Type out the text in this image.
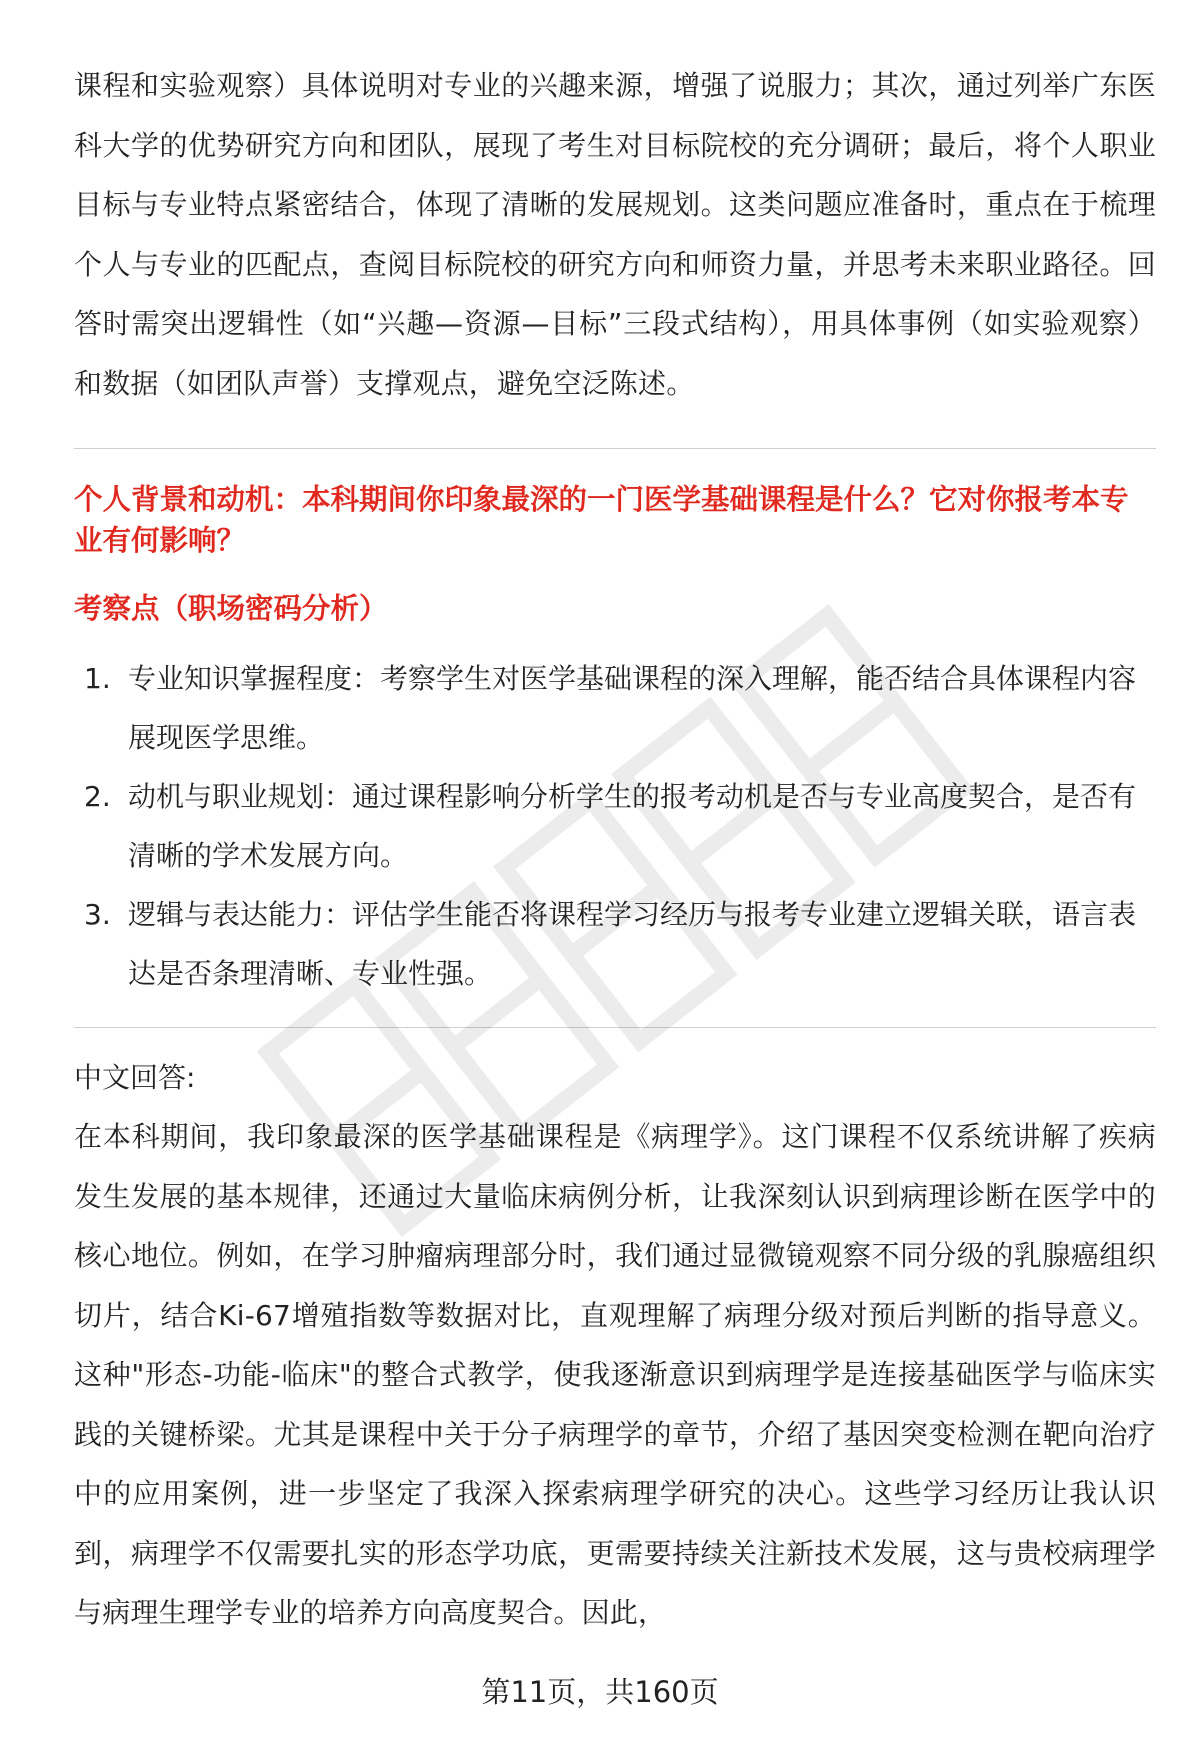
课程和实验观察）具体说明对专业的兴趣来源，增强了说服力；其次，通过列举广东医科大学的优势研究方向和团队，展现了考生对目标院校的充分调研；最后，将个人职业目标与专业特点紧密结合，体现了清晰的发展规划。这类问题应准备时，重点在于梳理个人与专业的匹配点，查阅目标院校的研究方向和师资力量，并思考未来职业路径。回答时需突出逻辑性（如“兴趣—资源—目标”三段式结构），用具体事例（如实验观察）和数据（如团队声誉）支撑观点，避免空泛陈述。

个人背景和动机：本科期间你印象最深的一门医学基础课程是什么？它对你报考本专业有何影响？

考察点（职场密码分析）

1. 专业知识掌握程度：考察学生对医学基础课程的深入理解，能否结合具体课程内容展现医学思维。
2. 动机与职业规划：通过课程影响分析学生的报考动机是否与专业高度契合，是否有清晰的学术发展方向。
3. 逻辑与表达能力：评估学生能否将课程学习经历与报考专业建立逻辑关联，语言表达是否条理清晰、专业性强。

中文回答:

在本科期间，我印象最深的医学基础课程是《病理学》。这门课程不仅系统讲解了疾病发生发展的基本规律，还通过大量临床病例分析，让我深刻认识到病理诊断在医学中的核心地位。例如，在学习肿瘤病理部分时，我们通过显微镜观察不同分级的乳腺癌组织切片，结合Ki-67增殖指数等数据对比，直观理解了病理分级对预后判断的指导意义。这种"形态-功能-临床"的整合式教学，使我逐渐意识到病理学是连接基础医学与临床实践的关键桥梁。尤其是课程中关于分子病理学的章节，介绍了基因突变检测在靶向治疗中的应用案例，进一步坚定了我深入探索病理学研究的决心。这些学习经历让我认识到，病理学不仅需要扎实的形态学功底，更需要持续关注新技术发展，这与贵校病理学与病理生理学专业的培养方向高度契合。因此，

第11页，共160页
